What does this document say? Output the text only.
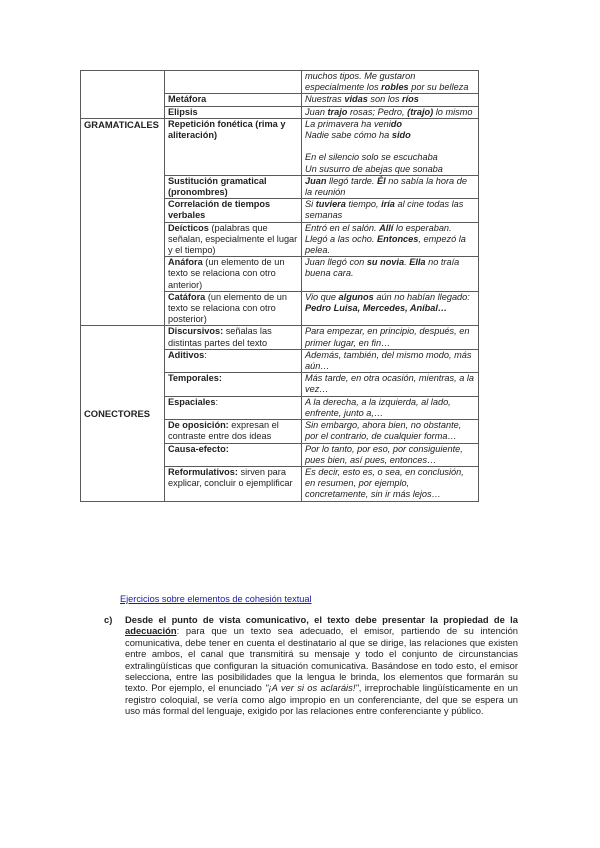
		muchos tipos. Me gustaron especialmente los robles por su belleza
	Metáfora	Nuestras vidas son los ríos
	Elipsis	Juan trajo rosas; Pedro, (trajo) lo mismo
GRAMATICALES	Repetición fonética (rima y aliteración)	La primavera ha venido
Nadie sabe cómo ha sido

En el silencio solo se escuchaba
Un susurro de abejas que sonaba
	Sustitución gramatical (pronombres)	Juan llegó tarde. Él no sabía la hora de la reunión
	Correlación de tiempos verbales	Si tuviera tiempo, iría al cine todas las semanas
	Deícticos (palabras que señalan, especialmente el lugar y el tiempo)	Entró en el salón. Allí lo esperaban.
Llegó a las ocho. Entonces, empezó la pelea.
	Anáfora (un elemento de un texto se relaciona con otro anterior)	Juan llegó con su novia. Ella no traía buena cara.
	Catáfora (un elemento de un texto se relaciona con otro posterior)	Vio que algunos aún no habían llegado: Pedro Luisa, Mercedes, Aníbal…
CONECTORES	Discursivos: señalas las distintas partes del texto	Para empezar, en principio, después, en primer lugar, en fin…
	Aditivos:	Además, también, del mismo modo, más aún…
	Temporales:	Más tarde, en otra ocasión, mientras, a la vez…
	Espaciales:	A la derecha, a la izquierda, al lado, enfrente, junto a,…
	De oposición: expresan el contraste entre dos ideas	Sin embargo, ahora bien, no obstante, por el contrario, de cualquier forma…
	Causa-efecto:	Por lo tanto, por eso, por consiguiente, pues bien, así pues, entonces…
	Reformulativos: sirven para explicar, concluir o ejemplificar	Es decir, esto es, o sea, en conclusión, en resumen, por ejemplo, concretamente, sin ir más lejos…
Ejercicios sobre elementos de cohesión textual
c) Desde el punto de vista comunicativo, el texto debe presentar la propiedad de la adecuación: para que un texto sea adecuado, el emisor, partiendo de su intención comunicativa, debe tener en cuenta el destinatario al que se dirige, las relaciones que existen entre ambos, el canal que transmitirá su mensaje y todo el conjunto de circunstancias extralingüísticas que configuran la situación comunicativa. Basándose en todo esto, el emisor selecciona, entre las posibilidades que la lengua le brinda, los elementos que formarán su texto. Por ejemplo, el enunciado "¡A ver si os aclaráis!", irreprochable lingüísticamente en un registro coloquial, se vería como algo impropio en un conferenciante, del que se espera un uso más formal del lenguaje, exigido por las relaciones entre conferenciante y público.
